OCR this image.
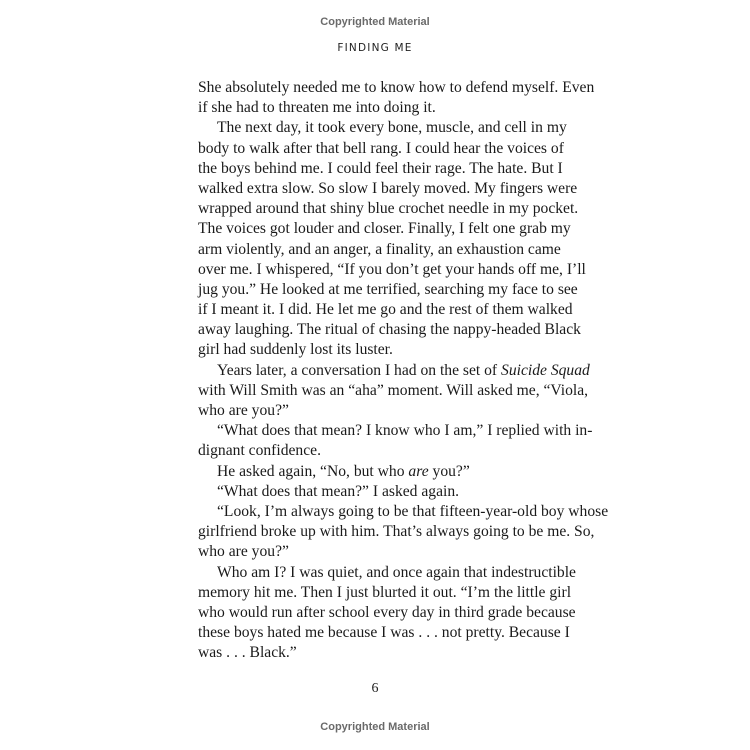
Copyrighted Material
FINDING ME
She absolutely needed me to know how to defend myself. Even
if she had to threaten me into doing it.
The next day, it took every bone, muscle, and cell in my
body to walk after that bell rang. I could hear the voices of
the boys behind me. I could feel their rage. The hate. But I
walked extra slow. So slow I barely moved. My fingers were
wrapped around that shiny blue crochet needle in my pocket.
The voices got louder and closer. Finally, I felt one grab my
arm violently, and an anger, a finality, an exhaustion came
over me. I whispered, “If you don’t get your hands off me, I’ll
jug you.” He looked at me terrified, searching my face to see
if I meant it. I did. He let me go and the rest of them walked
away laughing. The ritual of chasing the nappy-headed Black
girl had suddenly lost its luster.
Years later, a conversation I had on the set of Suicide Squad
with Will Smith was an “aha” moment. Will asked me, “Viola,
who are you?”
“What does that mean? I know who I am,” I replied with in-
dignant confidence.
He asked again, “No, but who are you?”
“What does that mean?” I asked again.
“Look, I’m always going to be that fifteen-year-old boy whose
girlfriend broke up with him. That’s always going to be me. So,
who are you?”
Who am I? I was quiet, and once again that indestructible
memory hit me. Then I just blurted it out. “I’m the little girl
who would run after school every day in third grade because
these boys hated me because I was . . . not pretty. Because I
was . . . Black.”
6
Copyrighted Material
